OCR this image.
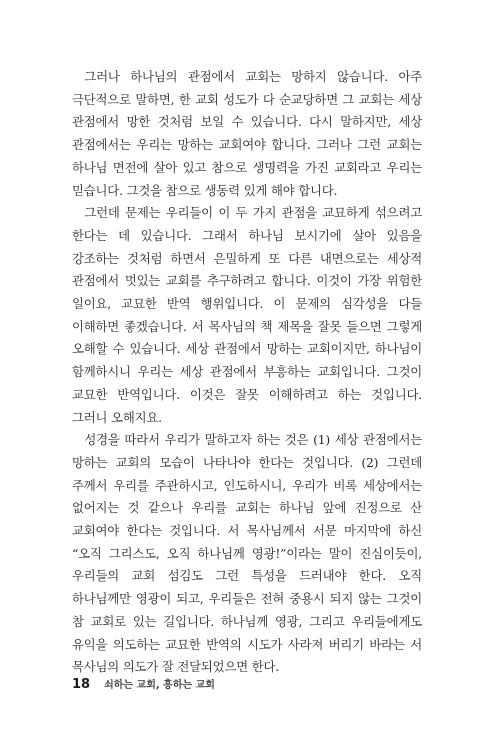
그러나 하나님의 관점에서 교회는 망하지 않습니다. 아주 극단적으로 말하면, 한 교회 성도가 다 순교당하면 그 교회는 세상 관점에서 망한 것처럼 보일 수 있습니다. 다시 말하지만, 세상 관점에서는 우리는 망하는 교회여야 합니다. 그러나 그런 교회는 하나님 면전에 살아 있고 참으로 생명력을 가진 교회라고 우리는 믿습니다. 그것을 참으로 생동력 있게 해야 합니다.

그런데 문제는 우리들이 이 두 가지 관점을 교묘하게 섞으려고 한다는 데 있습니다. 그래서 하나님 보시기에 살아 있음을 강조하는 것처럼 하면서 은밀하게 또 다른 내면으로는 세상적 관점에서 멋있는 교회를 추구하려고 합니다. 이것이 가장 위험한 일이요, 교묘한 반역 행위입니다. 이 문제의 심각성을 다들 이해하면 좋겠습니다. 서 목사님의 책 제목을 잘못 들으면 그렇게 오해할 수 있습니다. 세상 관점에서 망하는 교회이지만, 하나님이 함께하시니 우리는 세상 관점에서 부흥하는 교회입니다. 그것이 교묘한 반역입니다. 이것은 잘못 이해하려고 하는 것입니다. 그러니 오해지요.

성경을 따라서 우리가 말하고자 하는 것은 (1) 세상 관점에서는 망하는 교회의 모습이 나타나야 한다는 것입니다. (2) 그런데 주께서 우리를 주관하시고, 인도하시니, 우리가 비록 세상에서는 없어지는 것 같으나 우리를 교회는 하나님 앞에 진정으로 산 교회여야 한다는 것입니다. 서 목사님께서 서문 마지막에 하신 “오직 그리스도, 오직 하나님께 영광!”이라는 말이 진심이듯이, 우리들의 교회 섬김도 그런 특성을 드러내야 한다. 오직 하나님께만 영광이 되고, 우리들은 전혀 중용시 되지 않는 그것이 참 교회로 있는 길입니다. 하나님께 영광, 그리고 우리들에게도 유익을 의도하는 교묘한 반역의 시도가 사라져 버리기 바라는 서 목사님의 의도가 잘 전달되었으면 한다.

18 쇠하는 교회, 흥하는 교회
